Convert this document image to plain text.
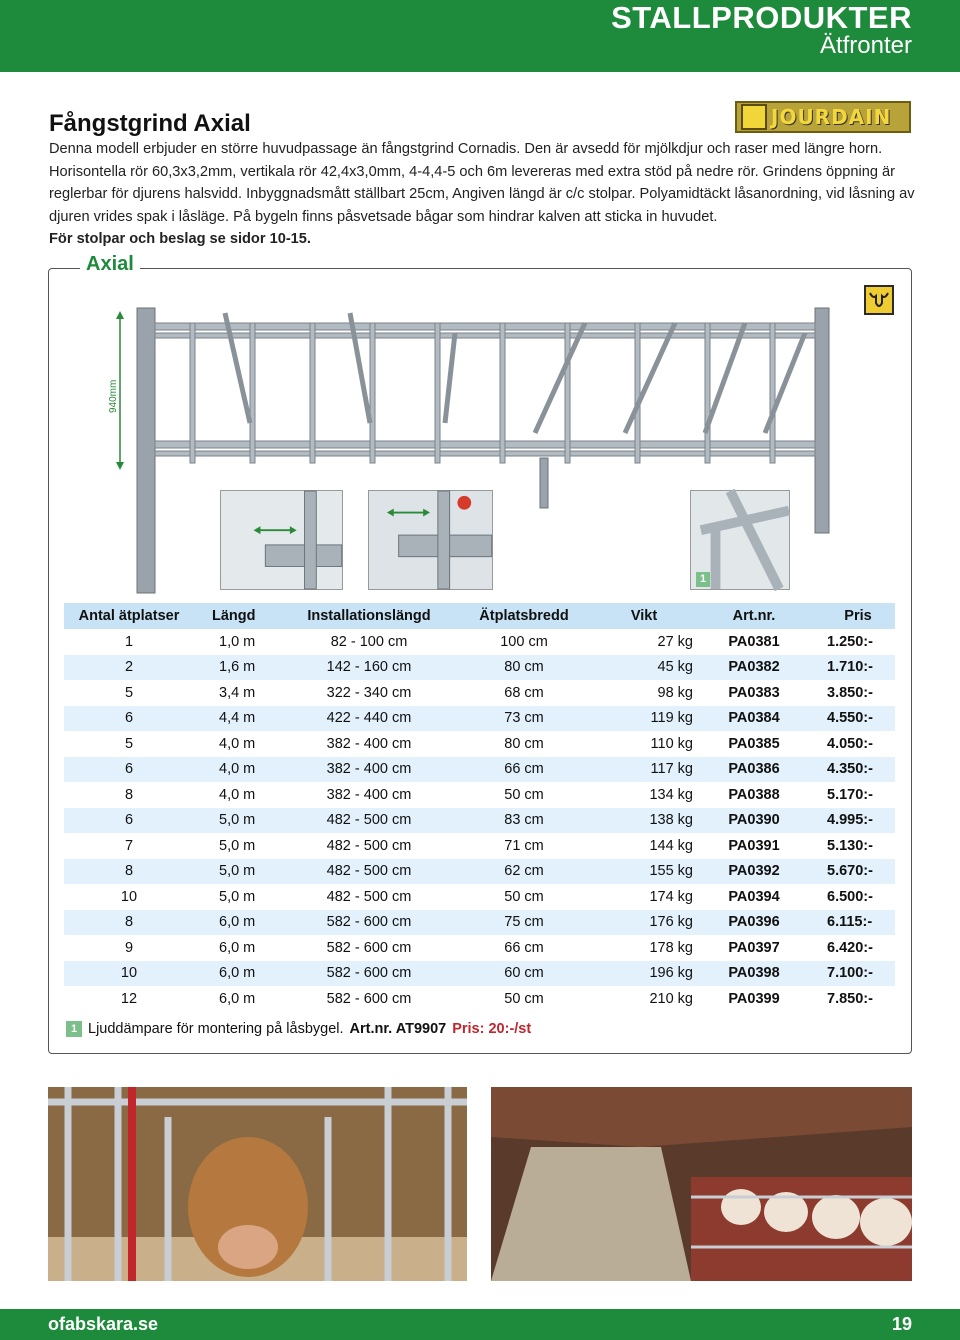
STALLPRODUKTER
Ätfronter
Fångstgrind Axial	JOURDAIN

Denna modell erbjuder en större huvudpassage än fångstgrind Cornadis. Den är avsedd för mjölkdjur och raser med längre horn.

Horisontella rör 60,3x3,2mm, vertikala rör 42,4x3,0mm, 4-4,4-5 och 6m levereras med extra stöd på nedre rör. Grindens öppning är reglerbar för djurens halsvidd. Inbyggnadsmått ställbart 25cm, Angiven längd är c/c stolpar. Polyamidtäckt låsanordning, vid låsning av djuren vrides spak i låsläge. På bygeln finns påsvetsade bågar som hindrar kalven att sticka in huvudet.

För stolpar och beslag se sidor 10-15.

Axial
940mm
1
Antal ätplatser	Längd	Installationslängd	Ätplatsbredd	Vikt	Art.nr.	Pris
1	1,0 m	82 - 100 cm	100 cm	27 kg	PA0381	1.250:-
2	1,6 m	142 - 160 cm	80 cm	45 kg	PA0382	1.710:-
5	3,4 m	322 - 340 cm	68 cm	98 kg	PA0383	3.850:-
6	4,4 m	422 - 440 cm	73 cm	119 kg	PA0384	4.550:-
5	4,0 m	382 - 400 cm	80 cm	110 kg	PA0385	4.050:-
6	4,0 m	382 - 400 cm	66 cm	117 kg	PA0386	4.350:-
8	4,0 m	382 - 400 cm	50 cm	134 kg	PA0388	5.170:-
6	5,0 m	482 - 500 cm	83 cm	138 kg	PA0390	4.995:-
7	5,0 m	482 - 500 cm	71 cm	144 kg	PA0391	5.130:-
8	5,0 m	482 - 500 cm	62 cm	155 kg	PA0392	5.670:-
10	5,0 m	482 - 500 cm	50 cm	174 kg	PA0394	6.500:-
8	6,0 m	582 - 600 cm	75 cm	176 kg	PA0396	6.115:-
9	6,0 m	582 - 600 cm	66 cm	178 kg	PA0397	6.420:-
10	6,0 m	582 - 600 cm	60 cm	196 kg	PA0398	7.100:-
12	6,0 m	582 - 600 cm	50 cm	210 kg	PA0399	7.850:-
1 Ljuddämpare för montering på låsbygel. Art.nr. AT9907 Pris: 20:-/st
ofabskara.se	19
